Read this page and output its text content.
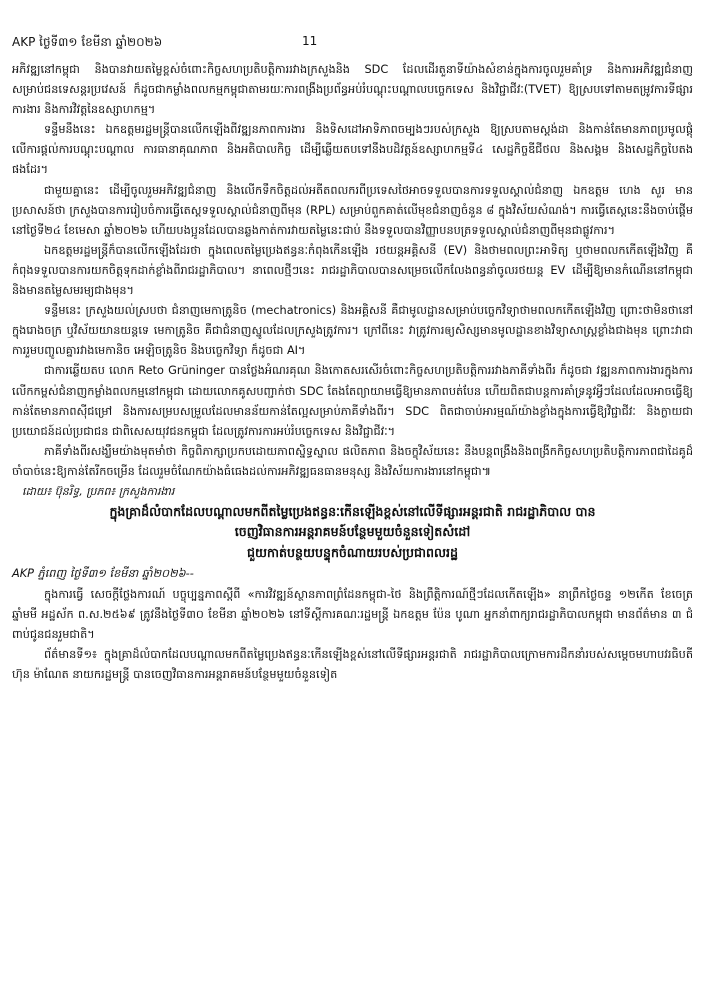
AKP ថ្ងៃទី៣១ ខែមីនា ឆ្នាំ២០២៦	11

អភិវឌ្ឍនៅកម្ពុជា និងបានវាយតម្លៃខ្ពស់ចំពោះកិច្ចសហប្រតិបត្តិការរវាងក្រសួងនិង SDC ដែលដើរតួនាទីយ៉ាងសំខាន់ក្នុងការចូលរួមគាំទ្រ និងការអភិវឌ្ឍជំនាញសម្រាប់ជនទេសន្តរប្រវេសន៍ ក៏ដូចជាកម្លាំងពលកម្មកម្ពុជាតាមរយៈការពង្រឹងប្រព័ន្ធអប់រំបណ្តុះបណ្តាលបច្ចេកទេស និងវិជ្ជាជីវៈ(TVET) ឱ្យស្របទៅតាមតម្រូវការទីផ្សារការងារ និងការវិវត្តនៃឧស្សាហកម្ម។

ទន្ទឹមនឹងនេះ ឯកឧត្តមរដ្ឋមន្ត្រីបានលើកឡើងពីវឌ្ឍនភាពការងារ និងទិសដៅអាទិភាពចម្បងៗរបស់ក្រសួង ឱ្យស្របតាមស្តង់ដា និងកាន់តែមានភាពប្រមូលផ្តុំលើការផ្តល់ការបណ្តុះបណ្តាល ការធានាគុណភាព និងអតិបាលកិច្ច ដើម្បីឆ្លើយតបទៅនឹងបដិវត្តន៍ឧស្សាហកម្មទី៤ សេដ្ឋកិច្ចឌីជីថល និងសង្គម និងសេដ្ឋកិច្ចបៃតងផងដែរ។

ជាមួយគ្នានេះ ដើម្បីចូលរួមអភិវឌ្ឍជំនាញ និងលើកទឹកចិត្តដល់អតីតពលករពីប្រទេសថៃអាចទទួលបានការទទួលស្គាល់ជំនាញ ឯកឧត្តម ហេង សួរ មានប្រសាសន៍ថា ក្រសួងបានការរៀបចំការធ្វើតេស្តទទួលស្គាល់ជំនាញពីមុន (RPL) សម្រាប់ពួកគាត់លើមុខជំនាញចំនួន ៨ ក្នុងវិស័យសំណង់។ ការធ្វើតេស្តនេះនឹងចាប់ផ្តើមនៅថ្ងៃទី២៤ ខែមេសា ឆ្នាំ២០២៦ ហើយបងប្អូនដែលបានឆ្លងកាត់ការវាយតម្លៃនេះជាប់ នឹងទទួលបានវិញ្ញាបនបត្រទទួលស្គាល់ជំនាញពីមុនជាផ្លូវការ។

ឯកឧត្តមរដ្ឋមន្ត្រីក៏បានលើកឡើងដែរថា ក្នុងពេលតម្លៃប្រេងឥន្ធនៈកំពុងកើនឡើង រថយន្តអគ្គិសនី (EV) និងថាមពលព្រះអាទិត្យ ឬថាមពលកកើតឡើងវិញ គឺកំពុងទទួលបានការយកចិត្តទុកដាក់ខ្លាំងពីរាជរដ្ឋាភិបាល។ នាពេលថ្មីៗនេះ រាជរដ្ឋាភិបាលបានសម្រេចលើកលែងពន្ធនាំចូលរថយន្ត EV ដើម្បីឱ្យមានកំណើននៅកម្ពុជា និងមានតម្លៃសមរម្យជាងមុន។

ទន្ទឹមនេះ ក្រសួងយល់ស្របថា ជំនាញមេកាត្រូនិច (mechatronics) និងអគ្គិសនី គឺជាមូលដ្ឋានសម្រាប់បច្ចេកវិទ្យាថាមពលកកើតឡើងវិញ ព្រោះថាមិនថានៅក្នុងរោងចក្រ ឬវិស័យយានយន្តទេ មេកាត្រូនិច គឺជាជំនាញស្នូលដែលក្រសួងត្រូវការ។ ក្រៅពីនេះ វាត្រូវការឲ្យសិស្សមានមូលដ្ឋានខាងវិទ្យាសាស្ត្រខ្លាំងជាងមុន ព្រោះវាជាការរួមបញ្ចូលគ្នារវាងមេកានិច អេឡិចត្រូនិច និងបច្ចេកវិទ្យា ក៏ដូចជា AI។

ជាការឆ្លើយតប លោក Reto Grüninger បានថ្លែងអំណរគុណ និងកោតសរសើរចំពោះកិច្ចសហប្រតិបត្តិការរវាងភាគីទាំងពីរ ក៏ដូចជា វឌ្ឍនភាពការងារក្នុងការលើកកម្ពស់ជំនាញកម្លាំងពលកម្មនៅកម្ពុជា ដោយលោកគូសបញ្ជាក់ថា SDC តែងតែព្យាយាមធ្វើឱ្យមានភាពបត់បែន ហើយពិតជាបន្តការគាំទ្រនូវអ្វីៗដែលដែលអាចធ្វើឱ្យកាន់តែមានភាពស៊ីជម្រៅ និងការសម្របសម្រួលដែលមានន័យកាន់តែល្អសម្រាប់ភាគីទាំងពីរ។ SDC ពិតជាចាប់អារម្មណ៍យ៉ាងខ្លាំងក្នុងការធ្វើឱ្យវិជ្ជាជីវៈ និងក្លាយជាប្រយោជន៍ដល់ប្រជាជន ជាពិសេសយុវជនកម្ពុជា ដែលត្រូវការការអប់រំបច្ចេកទេស និងវិជ្ជាជីវៈ។

ភាគីទាំងពីរសង្ឃឹមយ៉ាងមុតមាំថា កិច្ចពិភាក្សាប្រកបដោយភាពស្និទ្ធស្នាល ផលិតភាព និងចក្ខុវិស័យនេះ នឹងបន្តពង្រឹងនិងពង្រីកកិច្ចសហប្រតិបត្តិការភាពជាដៃគូដ៏ចាំបាច់នេះឱ្យកាន់តែរីកចម្រើន ដែលរួមចំណែកយ៉ាងធំធេងដល់ការអភិវឌ្ឍធនធានមនុស្ស និងវិស័យការងារនៅកម្ពុជា៕

ដោយ៖ ប៊ុនរិទ្ធ, ប្រភព៖ ក្រសួងការងារ
ក្នុងគ្រាដ៏លំបាកដែលបណ្តាលមកពីតម្លៃប្រេងឥន្ធនៈកើនឡើងខ្ពស់នៅលើទីផ្សារអន្តរជាតិ រាជរដ្ឋាភិបាល បាន
ចេញវិធានការអន្តរាគមន៍បន្ថែមមួយចំនួនទៀតសំដៅ
ជួយកាត់បន្ថយបន្ទុកចំណាយរបស់ប្រជាពលរដ្ឋ
AKP ភ្នំពេញ ថ្ងៃទី៣១ ខែមីនា ឆ្នាំ២០២៦--

ក្នុងការធ្វើ សេចក្តីថ្លែងការណ៍ បច្ចុប្បន្នភាពស្តីពី «ការវិវឌ្ឍន៍ស្ថានភាពព្រំដែនកម្ពុជា-ថៃ និងព្រឹត្តិការណ៍ថ្មីៗដែលកើតឡើង» នាព្រឹកថ្ងៃចន្ទ ១២កើត ខែចេត្រ ឆ្នាំមមី អដ្ឋស័ក ព.ស.២៥៦៩ ត្រូវនឹងថ្ងៃទី៣០ ខែមីនា ឆ្នាំ២០២៦ នៅទីស្តីការគណៈរដ្ឋមន្ត្រី ឯកឧត្តម ប៉ែន បូណា អ្នកនាំពាក្យរាជរដ្ឋាភិបាលកម្ពុជា មានព័ត៌មាន ៣ ជំពាប់ជូនជនរួមជាតិ។

ព័ត៌មានទី១៖ ក្នុងគ្រាដ៏លំបាកដែលបណ្តាលមកពីតម្លៃប្រេងឥន្ធនៈកើនឡើងខ្ពស់នៅលើទីផ្សារអន្តរជាតិ រាជរដ្ឋាភិបាលក្រោមការដឹកនាំរបស់សម្តេចមហាបវរធិបតី ហ៊ុន ម៉ាណែត នាយករដ្ឋមន្ត្រី បានចេញវិធានការអន្តរាគមន៍បន្ថែមមួយចំនួនទៀត
